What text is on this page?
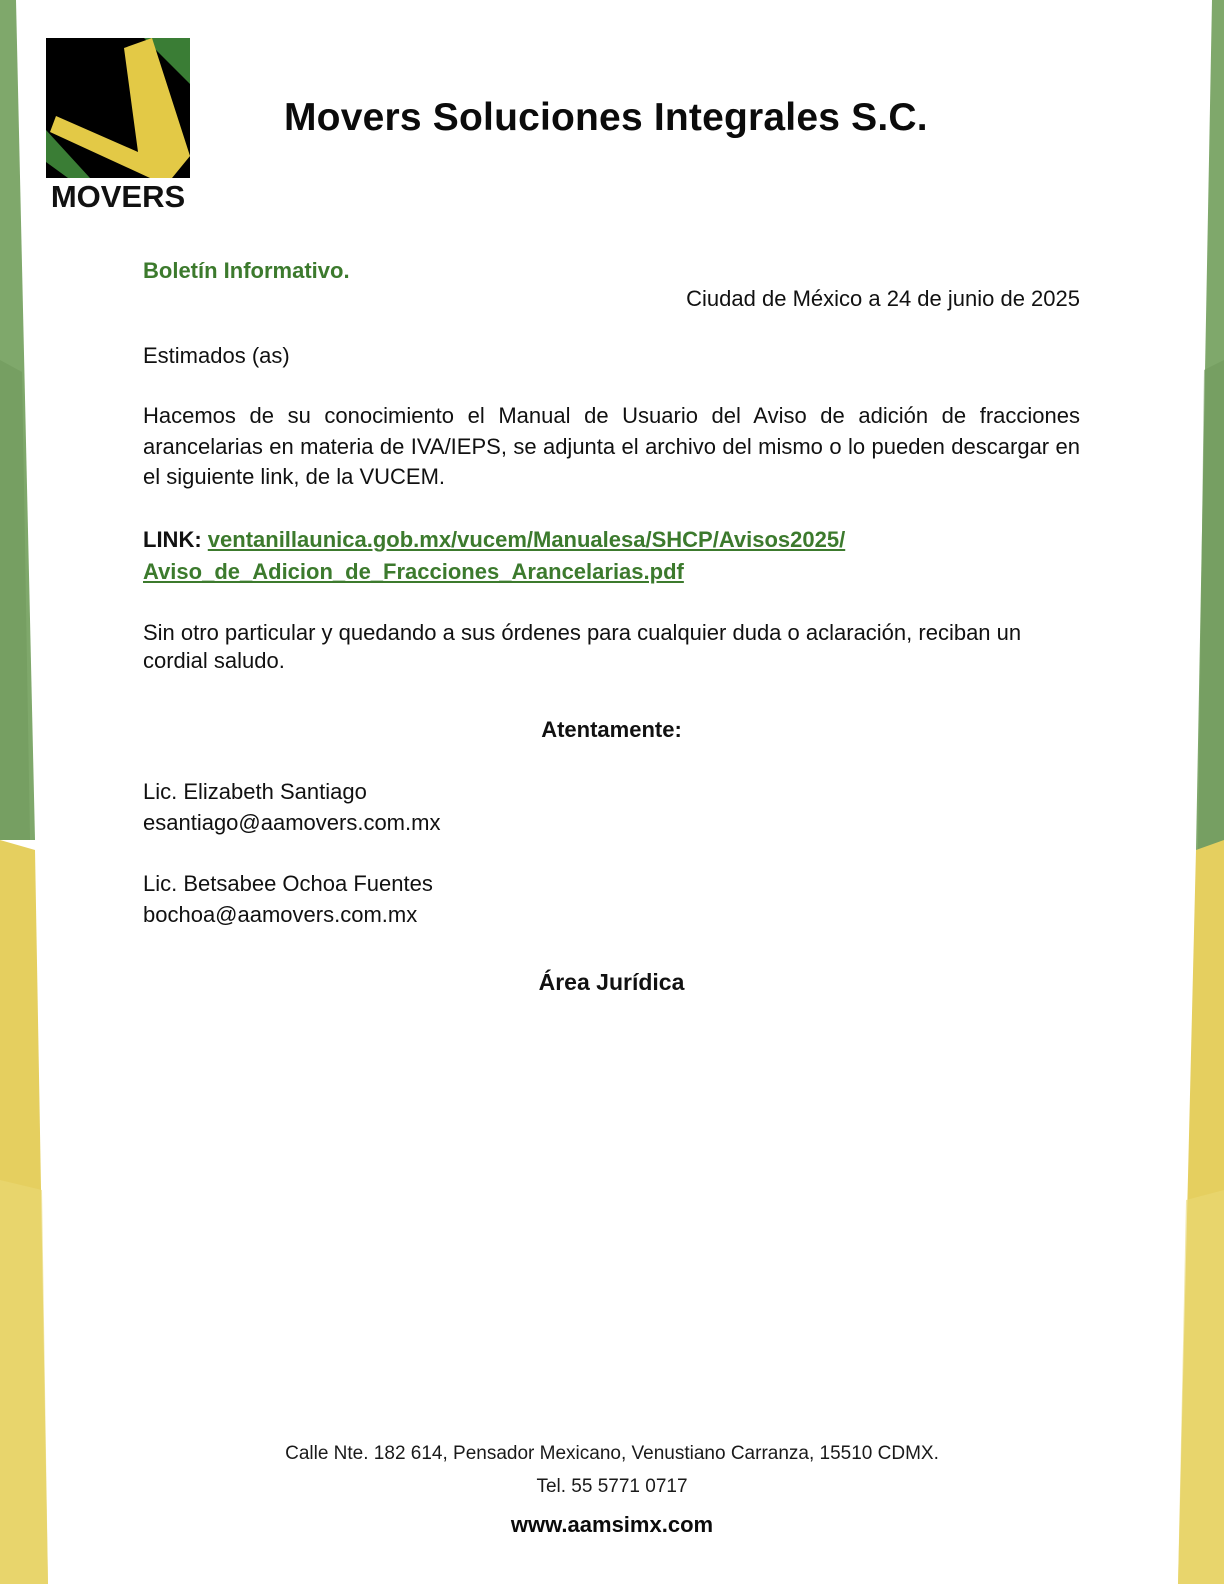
MOVERS
Movers Soluciones Integrales S.C.
Boletín Informativo.
Ciudad de México a 24 de junio de 2025
Estimados (as)
Hacemos de su conocimiento el Manual de Usuario del Aviso de adición de fracciones arancelarias en materia de IVA/IEPS, se adjunta el archivo del mismo o lo pueden descargar en el siguiente link, de la VUCEM.
LINK: ventanillaunica.gob.mx/vucem/Manualesa/SHCP/Avisos2025/
Aviso_de_Adicion_de_Fracciones_Arancelarias.pdf
Sin otro particular y quedando a sus órdenes para cualquier duda o aclaración, reciban un cordial saludo.
Atentamente:
Lic. Elizabeth Santiago
esantiago@aamovers.com.mx
Lic. Betsabee Ochoa Fuentes
bochoa@aamovers.com.mx
Área Jurídica
Calle Nte. 182 614, Pensador Mexicano, Venustiano Carranza, 15510 CDMX.
Tel. 55 5771 0717
www.aamsimx.com
